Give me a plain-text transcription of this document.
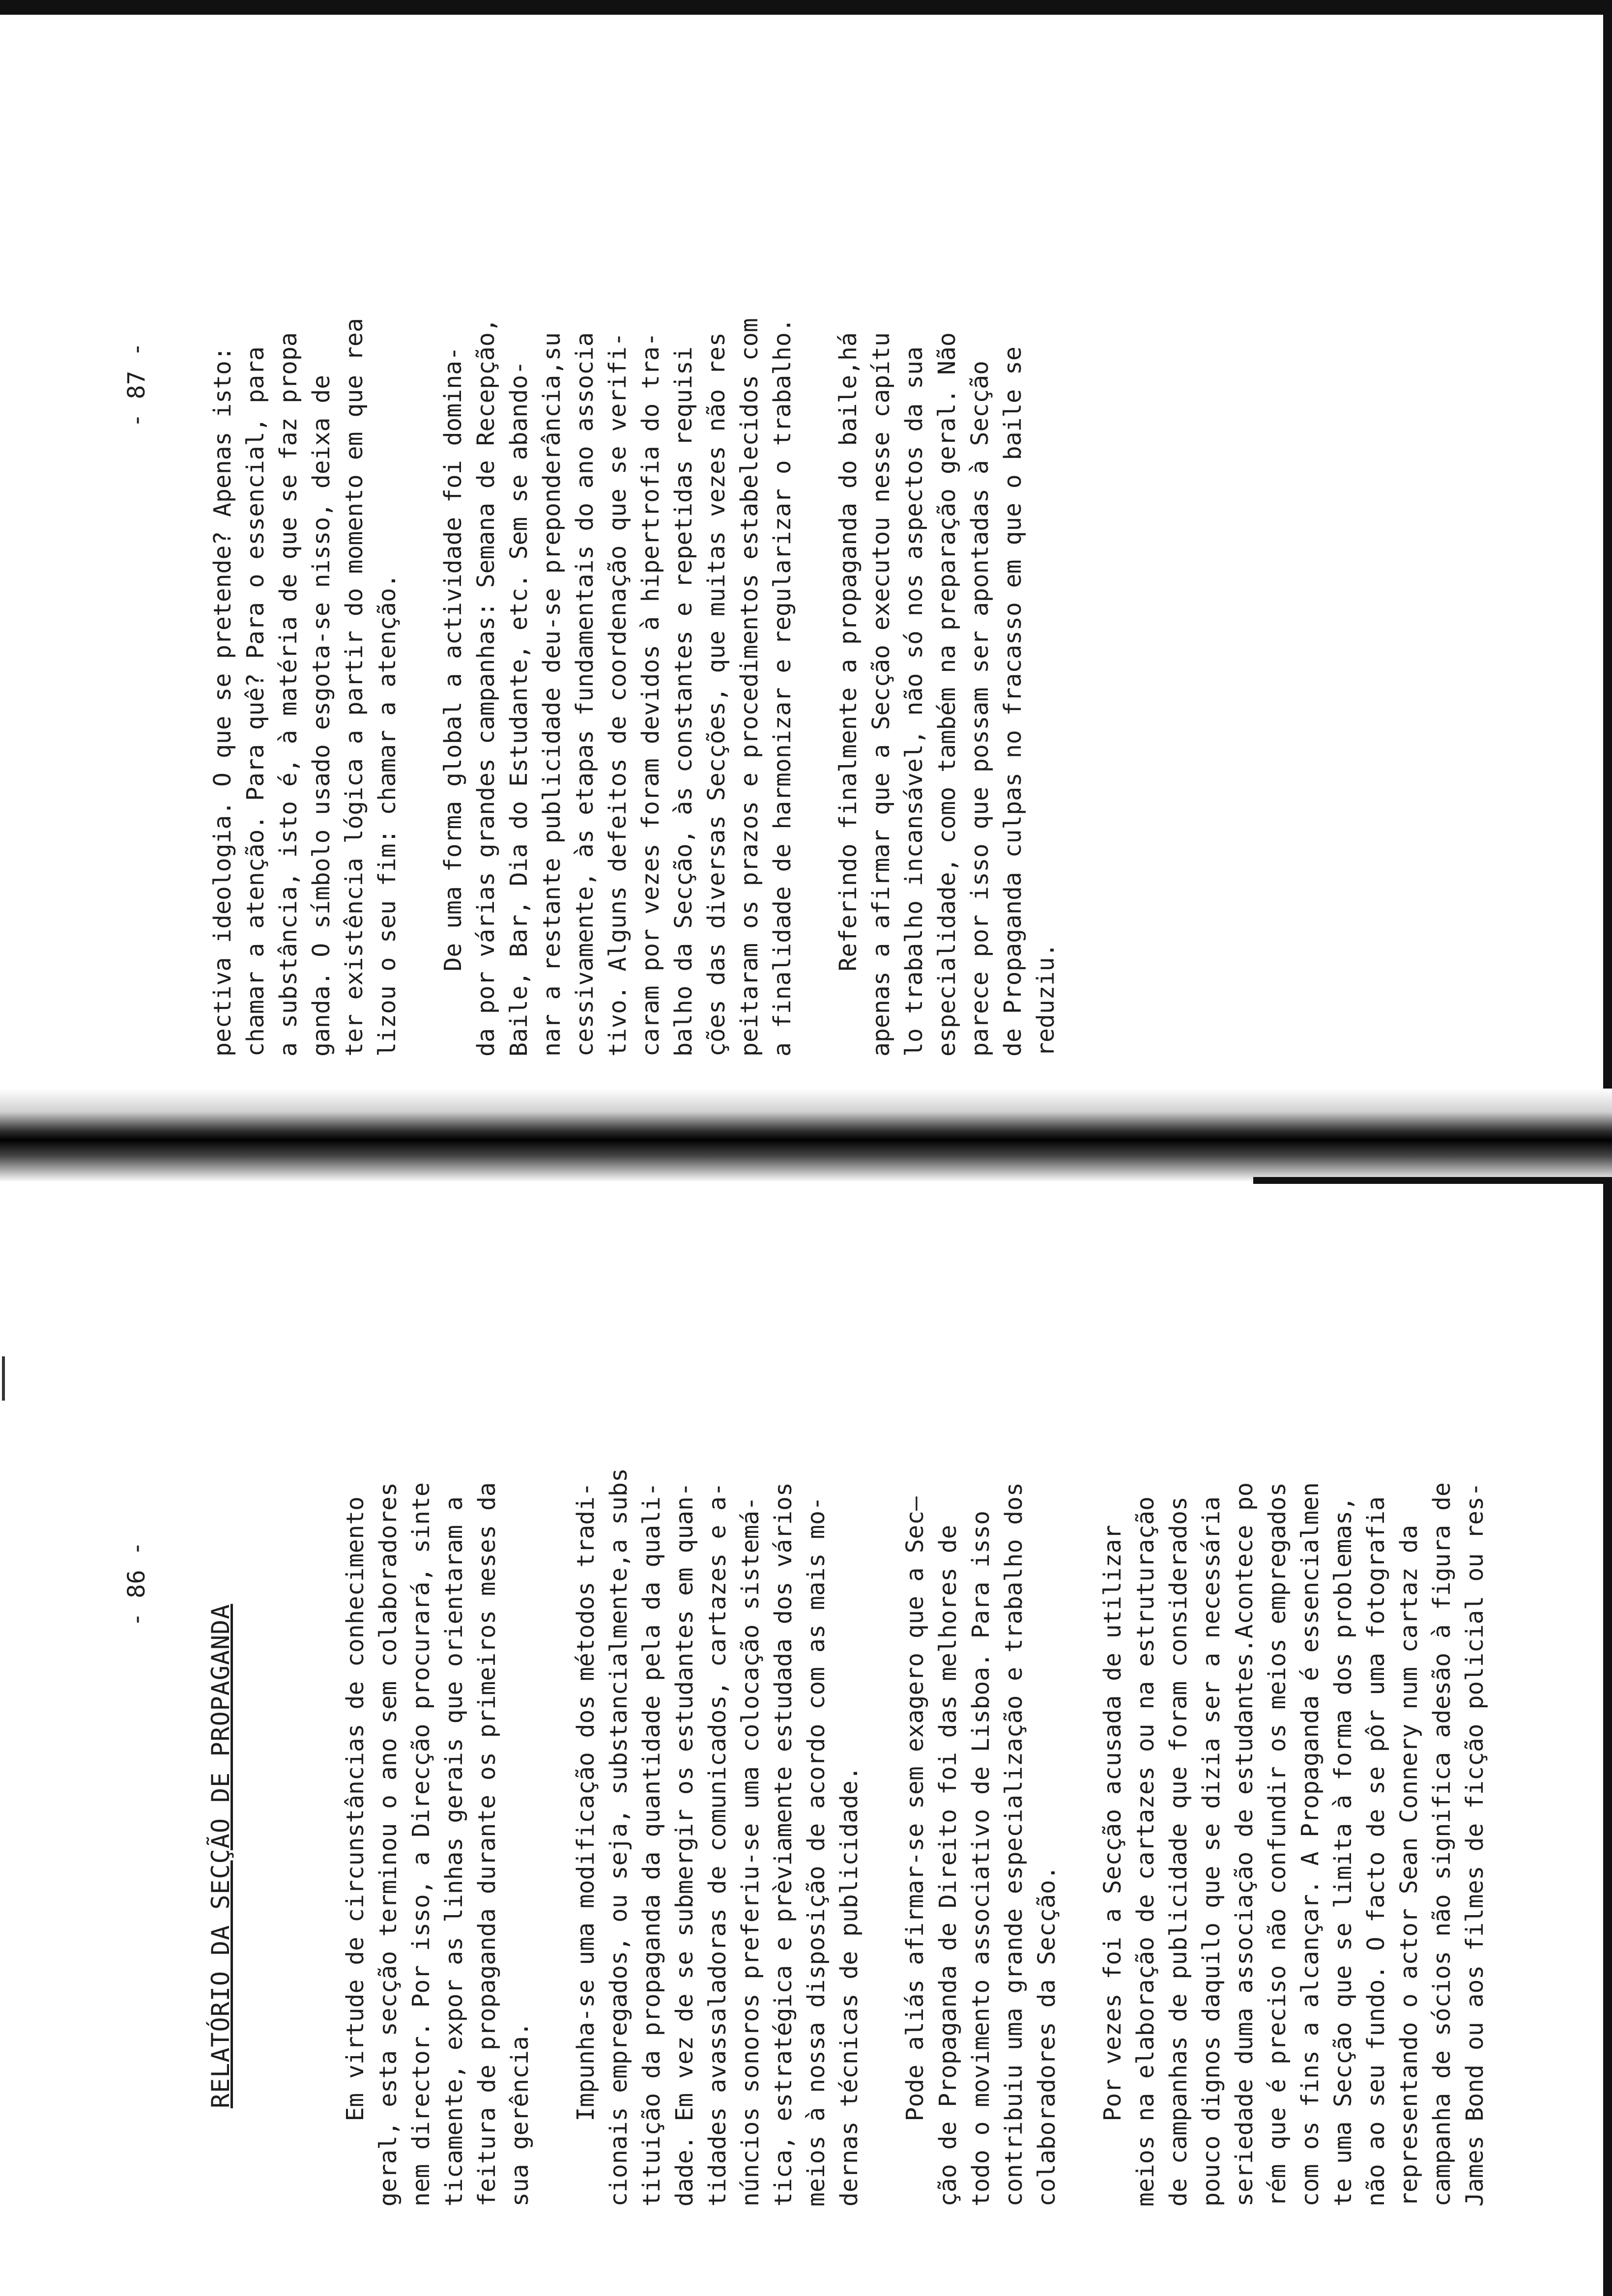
- 87 -
pectiva ideologia. O que se pretende? Apenas isto:
chamar a atenção. Para quê? Para o essencial, para
a substância, isto é, à matéria de que se faz propa
ganda. O símbolo usado esgota-se nisso, deixa de
ter existência lógica a partir do momento em que rea
lizou o seu fim: chamar a atenção.

De uma forma global a actividade foi domina-
da por várias grandes campanhas: Semana de Recepção,
Baile, Bar, Dia do Estudante, etc. Sem se abando-
nar a restante publicidade deu-se preponderância,su
cessivamente, às etapas fundamentais do ano associa
tivo. Alguns defeitos de coordenação que se verifi-
caram por vezes foram devidos à hipertrofia do tra-
balho da Secção, às constantes e repetidas requisi
ções das diversas Secções, que muitas vezes não res
peitaram os prazos e procedimentos estabelecidos com
a finalidade de harmonizar e regularizar o trabalho.

Referindo finalmente a propaganda do baile,há
apenas a afirmar que a Secção executou nesse capítu
lo trabalho incansável, não só nos aspectos da sua
especialidade, como também na preparação geral. Não
parece por isso que possam ser apontadas à Secção
de Propaganda culpas no fracasso em que o baile se
reduziu.
- 86 -
RELATÓRIO DA SECÇÃO DE PROPAGANDA	Em virtude de circunstâncias de conhecimento
geral, esta secção terminou o ano sem colaboradores
nem director. Por isso, a Direcção procurará, sinte
ticamente, expor as linhas gerais que orientaram a
feitura de propaganda durante os primeiros meses da
sua gerência.

Impunha-se uma modificação dos métodos tradi-
cionais empregados, ou seja, substancialmente,a subs
tituição da propaganda da quantidade pela da quali-
dade. Em vez de se submergir os estudantes em quan-
tidades avassaladoras de comunicados, cartazes e a-
núncios sonoros preferiu-se uma colocação sistemá-
tica, estratégica e prèviamente estudada dos vários
meios à nossa disposição de acordo com as mais mo-
dernas técnicas de publicidade.

Pode aliás afirmar-se sem exagero que a Sec—
ção de Propaganda de Direito foi das melhores de
todo o movimento associativo de Lisboa. Para isso
contribuiu uma grande especialização e trabalho dos
colaboradores da Secção.

Por vezes foi a Secção acusada de utilizar
meios na elaboração de cartazes ou na estruturação
de campanhas de publicidade que foram considerados
pouco dignos daquilo que se dizia ser a necessária
seriedade duma associação de estudantes.Acontece po
rém que é preciso não confundir os meios empregados
com os fins a alcançar. A Propaganda é essencialmen
te uma Secção que se limita à forma dos problemas,
não ao seu fundo. O facto de se pôr uma fotografia
representando o actor Sean Connery num cartaz da
campanha de sócios não significa adesão à figura de
James Bond ou aos filmes de ficção policial ou res-
